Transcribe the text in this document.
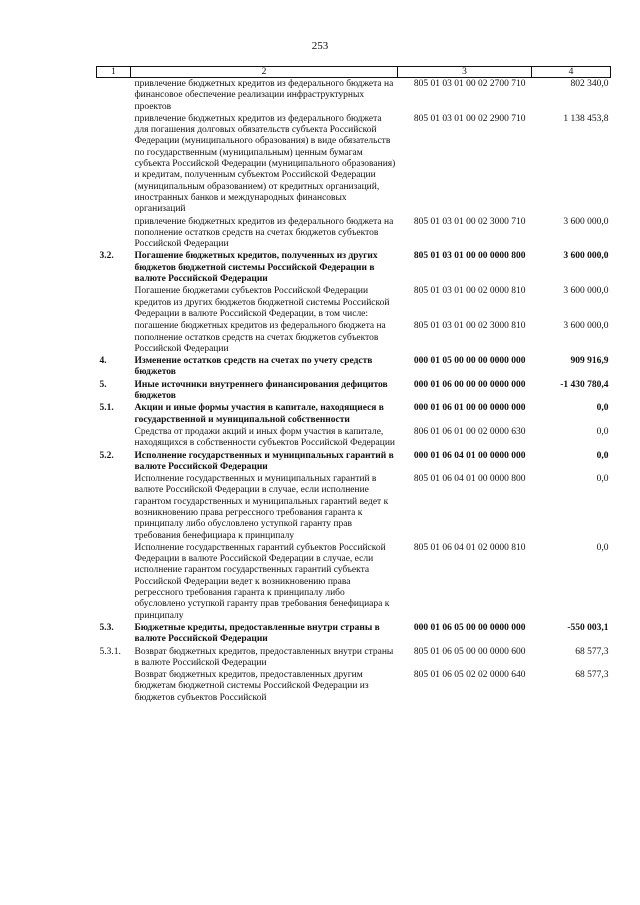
253
1	2	3	4
	привлечение бюджетных кредитов из федерального бюджета на финансовое обеспечение реализации инфраструктурных проектов	805 01 03 01 00 02 2700 710	802 340,0
	привлечение бюджетных кредитов из федерального бюджета для погашения долговых обязательств субъекта Российской Федерации (муниципального образования) в виде обязательств по государственным (муниципальным) ценным бумагам субъекта Российской Федерации (муниципального образования) и кредитам, полученным субъектом Российской Федерации (муниципальным образованием) от кредитных организаций, иностранных банков и международных финансовых организаций	805 01 03 01 00 02 2900 710	1 138 453,8
	привлечение бюджетных кредитов из федерального бюджета на пополнение остатков средств на счетах бюджетов субъектов Российской Федерации	805 01 03 01 00 02 3000 710	3 600 000,0
3.2.	Погашение бюджетных кредитов, полученных из других бюджетов бюджетной системы Российской Федерации в валюте Российской Федерации	805 01 03 01 00 00 0000 800	3 600 000,0
	Погашение бюджетами субъектов Российской Федерации кредитов из других бюджетов бюджетной системы Российской Федерации в валюте Российской Федерации, в том числе:	805 01 03 01 00 02 0000 810	3 600 000,0
	погашение бюджетных кредитов из федерального бюджета на пополнение остатков средств на счетах бюджетов субъектов Российской Федерации	805 01 03 01 00 02 3000 810	3 600 000,0
4.	Изменение остатков средств на счетах по учету средств бюджетов	000 01 05 00 00 00 0000 000	909 916,9
5.	Иные источники внутреннего финансирования дефицитов бюджетов	000 01 06 00 00 00 0000 000	-1 430 780,4
5.1.	Акции и иные формы участия в капитале, находящиеся в государственной и муниципальной собственности	000 01 06 01 00 00 0000 000	0,0
	Средства от продажи акций и иных форм участия в капитале, находящихся в собственности субъектов Российской Федерации	806 01 06 01 00 02 0000 630	0,0
5.2.	Исполнение государственных и муниципальных гарантий в валюте Российской Федерации	000 01 06 04 01 00 0000 000	0,0
	Исполнение государственных и муниципальных гарантий в валюте Российской Федерации в случае, если исполнение гарантом государственных и муниципальных гарантий ведет к возникновению права регрессного требования гаранта к принципалу либо обусловлено уступкой гаранту прав требования бенефициара к принципалу	805 01 06 04 01 00 0000 800	0,0
	Исполнение государственных гарантий субъектов Российской Федерации в валюте Российской Федерации в случае, если исполнение гарантом государственных гарантий субъекта Российской Федерации ведет к возникновению права регрессного требования гаранта к принципалу либо обусловлено уступкой гаранту прав требования бенефициара к принципалу	805 01 06 04 01 02 0000 810	0,0
5.3.	Бюджетные кредиты, предоставленные внутри страны в валюте Российской Федерации	000 01 06 05 00 00 0000 000	-550 003,1
5.3.1.	Возврат бюджетных кредитов, предоставленных внутри страны в валюте Российской Федерации	805 01 06 05 00 00 0000 600	68 577,3
	Возврат бюджетных кредитов, предоставленных другим бюджетам бюджетной системы Российской Федерации из бюджетов субъектов Российской	805 01 06 05 02 02 0000 640	68 577,3
